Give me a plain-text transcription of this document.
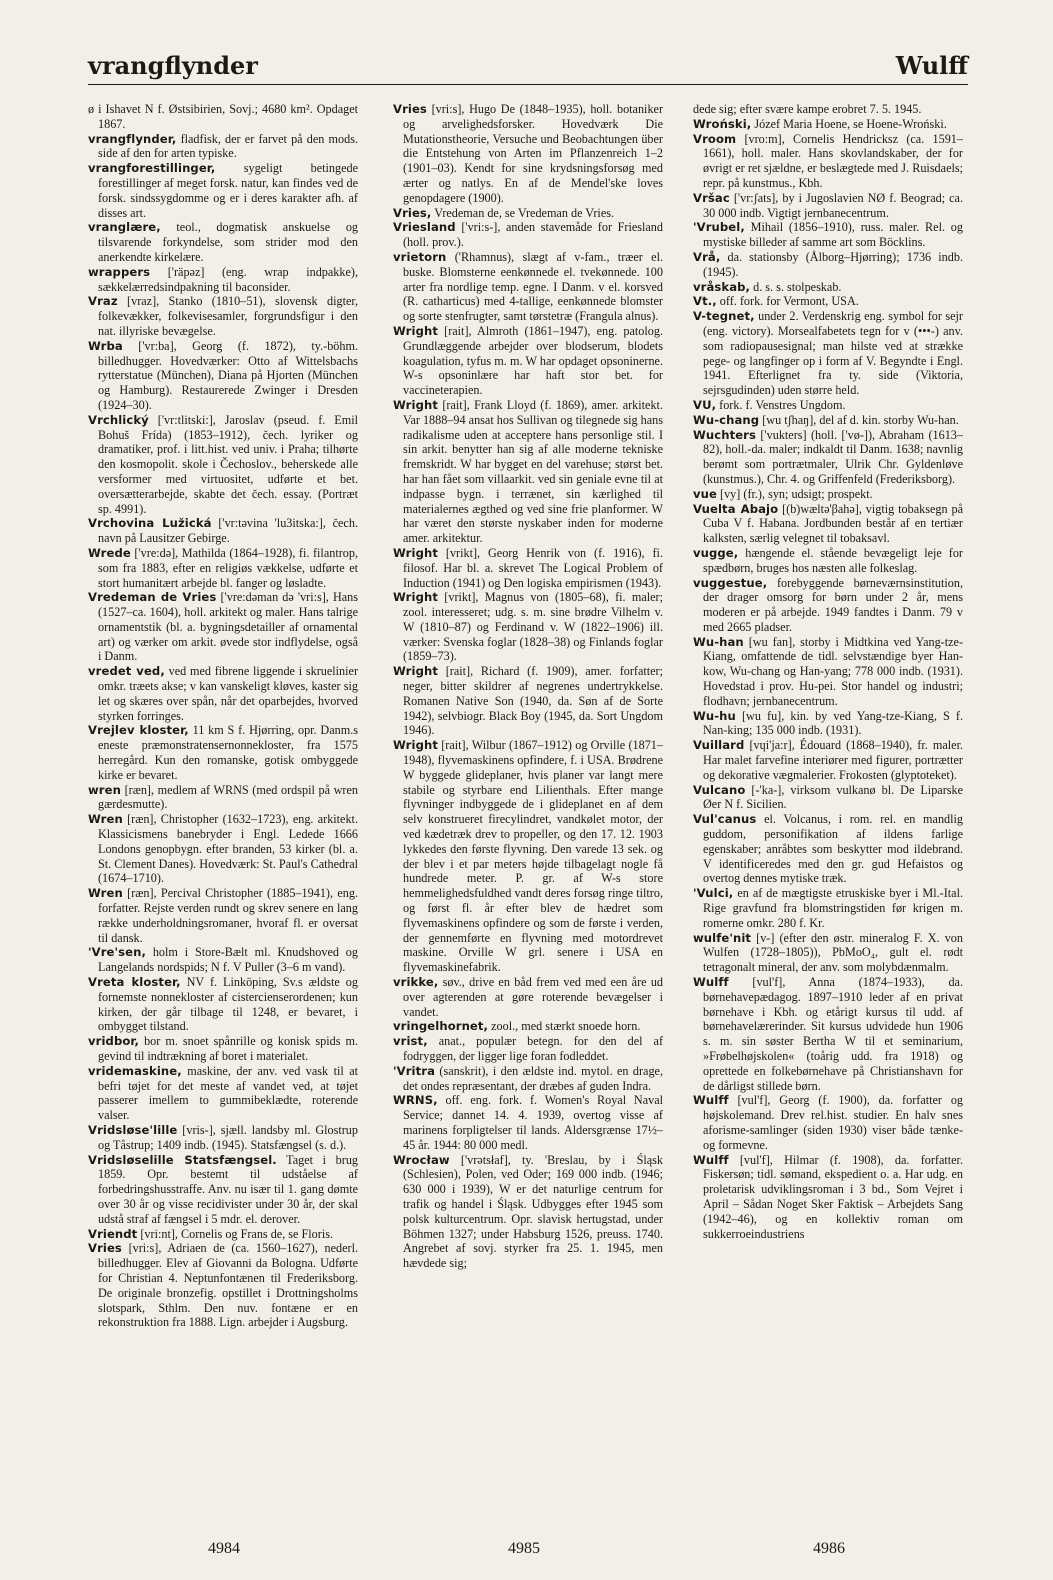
vrangflynder	Wulff

ø i Ishavet N f. Østsibirien, Sovj.; 4680 km². Opdaget 1867.

vrangflynder, fladfisk, der er farvet på den mods. side af den for arten typiske.

vrangforestillinger, sygeligt betingede forestillinger af meget forsk. natur, kan findes ved de forsk. sindssygdomme og er i deres karakter afh. af disses art.

vranglære, teol., dogmatisk anskuelse og tilsvarende forkyndelse, som strider mod den anerkendte kirkelære.

wrappers ['räpəz] (eng. wrap indpakke), sækkelærredsindpakning til baconsider.

Vraz [vraz], Stanko (1810–51), slovensk digter, folkevækker, folkevisesamler, forgrundsfigur i den nat. illyriske bevægelse.

Wrba ['vr:ba], Georg (f. 1872), ty.-böhm. billedhugger. Hovedværker: Otto af Wittelsbachs rytterstatue (München), Diana på Hjorten (München og Hamburg). Restaurerede Zwinger i Dresden (1924–30).

Vrchlický ['vr:tlitski:], Jaroslav (pseud. f. Emil Bohuš Frída) (1853–1912), čech. lyriker og dramatiker, prof. i litt.hist. ved univ. i Praha; tilhørte den kosmopolit. skole i Čechoslov., beherskede alle versformer med virtuositet, udførte et bet. oversætterarbejde, skabte det čech. essay. (Portræt sp. 4991).

Vrchovina Lužická ['vr:təvina 'lu3itska:], čech. navn på Lausitzer Gebirge.

Wrede ['vre:də], Mathilda (1864–1928), fi. filantrop, som fra 1883, efter en religiøs vækkelse, udførte et stort humanitært arbejde bl. fanger og løsladte.

Vredeman de Vries ['vre:dəman də 'vri:s], Hans (1527–ca. 1604), holl. arkitekt og maler. Hans talrige ornamentstik (bl. a. bygningsdetailler af ornamental art) og værker om arkit. øvede stor indflydelse, også i Danm.

vredet ved, ved med fibrene liggende i skruelinier omkr. træets akse; v kan vanskeligt kløves, kaster sig let og skæres over spån, når det oparbejdes, hvorved styrken forringes.

Vrejlev kloster, 11 km S f. Hjørring, opr. Danm.s eneste præmonstratensernonnekloster, fra 1575 herregård. Kun den romanske, gotisk ombyggede kirke er bevaret.

wren [ræn], medlem af WRNS (med ordspil på wren gærdesmutte).

Wren [ræn], Christopher (1632–1723), eng. arkitekt. Klassicismens banebryder i Engl. Ledede 1666 Londons genopbygn. efter branden, 53 kirker (bl. a. St. Clement Danes). Hovedværk: St. Paul's Cathedral (1674–1710).

Wren [ræn], Percival Christopher (1885–1941), eng. forfatter. Rejste verden rundt og skrev senere en lang række underholdningsromaner, hvoraf fl. er oversat til dansk.

'Vre'sen, holm i Store-Bælt ml. Knudshoved og Langelands nordspids; N f. V Puller (3–6 m vand).

Vreta kloster, NV f. Linköping, Sv.s ældste og fornemste nonnekloster af cistercienserordenen; kun kirken, der går tilbage til 1248, er bevaret, i ombygget tilstand.

vridbor, bor m. snoet spånrille og konisk spids m. gevind til indtrækning af boret i materialet.

vridemaskine, maskine, der anv. ved vask til at befri tøjet for det meste af vandet ved, at tøjet passerer imellem to gummibeklædte, roterende valser.

Vridsløse'lille [vris-], sjæll. landsby ml. Glostrup og Tåstrup; 1409 indb. (1945). Statsfængsel (s. d.).

Vridsløselille Statsfængsel. Taget i brug 1859. Opr. bestemt til udståelse af forbedringshusstraffe. Anv. nu især til 1. gang dømte over 30 år og visse recidivister under 30 år, der skal udstå straf af fængsel i 5 mdr. el. derover.

Vriendt [vri:nt], Cornelis og Frans de, se Floris.

Vries [vri:s], Adriaen de (ca. 1560–1627), nederl. billedhugger. Elev af Giovanni da Bologna. Udførte for Christian 4. Neptunfontænen til Frederiksborg. De originale bronzefig. opstillet i Drottningsholms slotspark, Sthlm. Den nuv. fontæne er en rekonstruktion fra 1888. Lign. arbejder i Augsburg.

Vries [vri:s], Hugo De (1848–1935), holl. botaniker og arvelighedsforsker. Hovedværk Die Mutationstheorie, Versuche und Beobachtungen über die Entstehung von Arten im Pflanzenreich 1–2 (1901–03). Kendt for sine krydsningsforsøg med ærter og natlys. En af de Mendel'ske loves genopdagere (1900).

Vries, Vredeman de, se Vredeman de Vries.

Vriesland ['vri:s-], anden stavemåde for Friesland (holl. prov.).

vrietorn ('Rhamnus), slægt af v-fam., træer el. buske. Blomsterne eenkønnede el. tvekønnede. 100 arter fra nordlige temp. egne. I Danm. v el. korsved (R. catharticus) med 4-tallige, eenkønnede blomster og sorte stenfrugter, samt tørstetræ (Frangula alnus).

Wright [rait], Almroth (1861–1947), eng. patolog. Grundlæggende arbejder over blodserum, blodets koagulation, tyfus m. m. W har opdaget opsoninerne. W-s opsoninlære har haft stor bet. for vaccineterapien.

Wright [rait], Frank Lloyd (f. 1869), amer. arkitekt. Var 1888–94 ansat hos Sullivan og tilegnede sig hans radikalisme uden at acceptere hans personlige stil. I sin arkit. benytter han sig af alle moderne tekniske fremskridt. W har bygget en del varehuse; størst bet. har han fået som villaarkit. ved sin geniale evne til at indpasse bygn. i terrænet, sin kærlighed til materialernes ægthed og ved sine frie planformer. W har været den største nyskaber inden for moderne amer. arkitektur.

Wright [vrikt], Georg Henrik von (f. 1916), fi. filosof. Har bl. a. skrevet The Logical Problem of Induction (1941) og Den logiska empirismen (1943).

Wright [vrikt], Magnus von (1805–68), fi. maler; zool. interesseret; udg. s. m. sine brødre Vilhelm v. W (1810–87) og Ferdinand v. W (1822–1906) ill. værker: Svenska foglar (1828–38) og Finlands foglar (1859–73).

Wright [rait], Richard (f. 1909), amer. forfatter; neger, bitter skildrer af negrenes undertrykkelse. Romanen Native Son (1940, da. Søn af de Sorte 1942), selvbiogr. Black Boy (1945, da. Sort Ungdom 1946).

Wright [rait], Wilbur (1867–1912) og Orville (1871–1948), flyvemaskinens opfindere, f. i USA. Brødrene W byggede glideplaner, hvis planer var langt mere stabile og styrbare end Lilienthals. Efter mange flyvninger indbyggede de i glideplanet en af dem selv konstrueret firecylindret, vandkølet motor, der ved kædetræk drev to propeller, og den 17. 12. 1903 lykkedes den første flyvning. Den varede 13 sek. og der blev i et par meters højde tilbagelagt nogle få hundrede meter. P. gr. af W-s store hemmelighedsfuldhed vandt deres forsøg ringe tiltro, og først fl. år efter blev de hædret som flyvemaskinens opfindere og som de første i verden, der gennemførte en flyvning med motordrevet maskine. Orville W grl. senere i USA en flyvemaskinefabrik.

vrikke, søv., drive en båd frem ved med een åre ud over agterenden at gøre roterende bevægelser i vandet.

vringelhornet, zool., med stærkt snoede horn.

vrist, anat., populær betegn. for den del af fodryggen, der ligger lige foran fodleddet.

'Vritra (sanskrit), i den ældste ind. mytol. en drage, det ondes repræsentant, der dræbes af guden Indra.

WRNS, off. eng. fork. f. Women's Royal Naval Service; dannet 14. 4. 1939, overtog visse af marinens forpligtelser til lands. Aldersgrænse 17½–45 år. 1944: 80 000 medl.

Wrocław ['vrətsłaf], ty. 'Breslau, by i Śląsk (Schlesien), Polen, ved Oder; 169 000 indb. (1946; 630 000 i 1939), W er det naturlige centrum for trafik og handel i Śląsk. Udbygges efter 1945 som polsk kulturcentrum. Opr. slavisk hertugstad, under Böhmen 1327; under Habsburg 1526, preuss. 1740. Angrebet af sovj. styrker fra 25. 1. 1945, men hævdede sig;

dede sig; efter svære kampe erobret 7. 5. 1945.

Wroński, Józef Maria Hoene, se Hoene-Wroński.

Vroom [vro:m], Cornelis Hendricksz (ca. 1591–1661), holl. maler. Hans skovlandskaber, der for øvrigt er ret sjældne, er beslægtede med J. Ruisdaels; repr. på kunstmus., Kbh.

Vršac ['vr:ʃats], by i Jugoslavien NØ f. Beograd; ca. 30 000 indb. Vigtigt jernbanecentrum.

'Vrubel, Mihail (1856–1910), russ. maler. Rel. og mystiske billeder af samme art som Böcklins.

Vrå, da. stationsby (Ålborg–Hjørring); 1736 indb. (1945).

vråskab, d. s. s. stolpeskab.

Vt., off. fork. for Vermont, USA.

V-tegnet, under 2. Verdenskrig eng. symbol for sejr (eng. victory). Morsealfabetets tegn for v (•••-) anv. som radiopausesignal; man hilste ved at strække pege- og langfinger op i form af V. Begyndte i Engl. 1941. Efterlignet fra ty. side (Viktoria, sejrsgudinden) uden større held.

VU, fork. f. Venstres Ungdom.

Wu-chang [wu tʃhaŋ], del af d. kin. storby Wu-han.

Wuchters ['vukters] (holl. ['vø-]), Abraham (1613–82), holl.-da. maler; indkaldt til Danm. 1638; navnlig berømt som portrætmaler, Ulrik Chr. Gyldenløve (kunstmus.), Chr. 4. og Griffenfeld (Frederiksborg).

vue [vy] (fr.), syn; udsigt; prospekt.

Vuelta Abajo [(b)wæltə'βahə], vigtig tobaksegn på Cuba V f. Habana. Jordbunden består af en tertiær kalksten, særlig velegnet til tobaksavl.

vugge, hængende el. stående bevægeligt leje for spædbørn, bruges hos næsten alle folkeslag.

vuggestue, forebyggende børneværnsinstitution, der drager omsorg for børn under 2 år, mens moderen er på arbejde. 1949 fandtes i Danm. 79 v med 2665 pladser.

Wu-han [wu fan], storby i Midtkina ved Yang-tze-Kiang, omfattende de tidl. selvstændige byer Han-kow, Wu-chang og Han-yang; 778 000 indb. (1931). Hovedstad i prov. Hu-pei. Stor handel og industri; flodhavn; jernbanecentrum.

Wu-hu [wu fu], kin. by ved Yang-tze-Kiang, S f. Nan-king; 135 000 indb. (1931).

Vuillard [vɥi'ja:r], Édouard (1868–1940), fr. maler. Har malet farvefine interiører med figurer, portrætter og dekorative vægmalerier. Frokosten (glyptoteket).

Vulcano [-'ka-], virksom vulkanø bl. De Liparske Øer N f. Sicilien.

Vul'canus el. Volcanus, i rom. rel. en mandlig guddom, personifikation af ildens farlige egenskaber; anråbtes som beskytter mod ildebrand. V identificeredes med den gr. gud Hefaistos og overtog dennes mytiske træk.

'Vulci, en af de mægtigste etruskiske byer i Ml.-Ital. Rige gravfund fra blomstringstiden før krigen m. romerne omkr. 280 f. Kr.

wulfe'nit [v-] (efter den østr. mineralog F. X. von Wulfen (1728–1805)), PbMoO₄, gult el. rødt tetragonalt mineral, der anv. som molybdænmalm.

Wulff [vul'f], Anna (1874–1933), da. børnehavepædagog. 1897–1910 leder af en privat børnehave i Kbh. og etårigt kursus til udd. af børnehavelærerinder. Sit kursus udvidede hun 1906 s. m. sin søster Bertha W til et seminarium, »Frøbelhøjskolen« (toårig udd. fra 1918) og oprettede en folkebørnehave på Christianshavn for de dårligst stillede børn.

Wulff [vul'f], Georg (f. 1900), da. forfatter og højskolemand. Drev rel.hist. studier. En halv snes aforisme-samlinger (siden 1930) viser både tænke- og formevne.

Wulff [vul'f], Hilmar (f. 1908), da. forfatter. Fiskersøn; tidl. sømand, ekspedient o. a. Har udg. en proletarisk udviklingsroman i 3 bd., Som Vejret i April – Sådan Noget Sker Faktisk – Arbejdets Sang (1942–46), og en kollektiv roman om sukkerroeindustriens

4984	4985	4986
